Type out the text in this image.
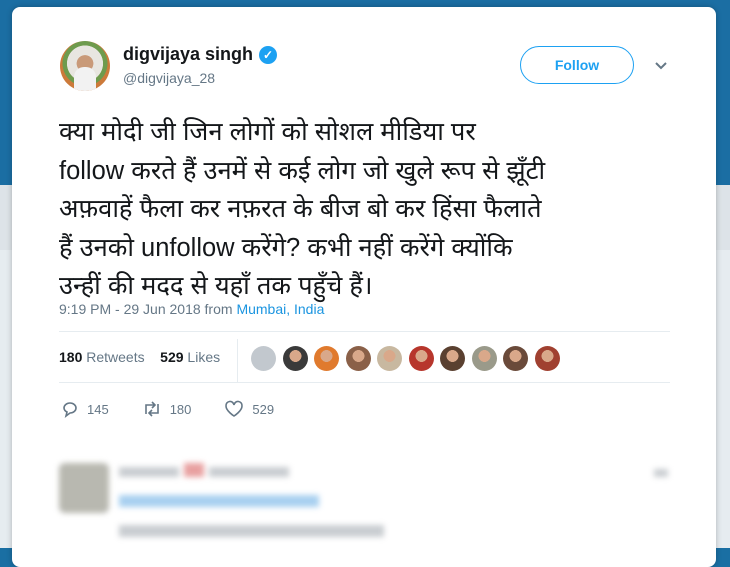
digvijaya singh ✓
@digvijaya_28
Follow
क्या मोदी जी जिन लोगों को सोशल मीडिया पर
follow करते हैं उनमें से कई लोग जो खुले रूप से झूँटी
अफ़वाहें फैला कर नफ़रत के बीज बो कर हिंसा फैलाते
हैं उनको unfollow करेंगे? कभी नहीं करेंगे क्योंकि
उन्हीं की मदद से यहाँ तक पहुँचे हैं।
9:19 PM - 29 Jun 2018 from Mumbai, India
180 Retweets 529 Likes
145	180	529
